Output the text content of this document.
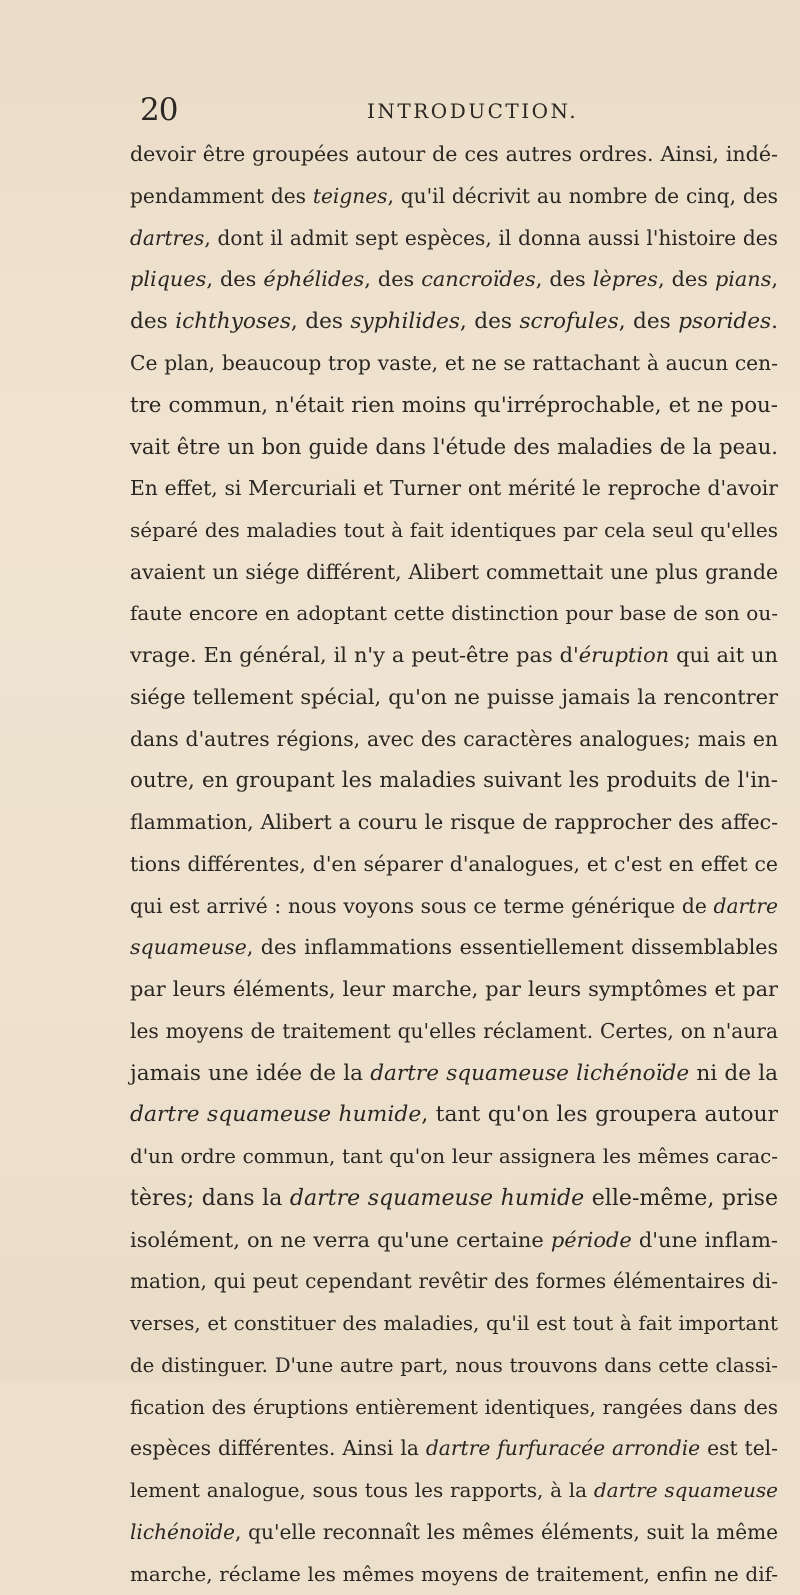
20	INTRODUCTION.
devoir être groupées autour de ces autres ordres. Ainsi, indé-
pendamment des teignes, qu'il décrivit au nombre de cinq, des
dartres, dont il admit sept espèces, il donna aussi l'histoire des
pliques, des éphélides, des cancroïdes, des lèpres, des pians,
des ichthyoses, des syphilides, des scrofules, des psorides.
Ce plan, beaucoup trop vaste, et ne se rattachant à aucun cen-
tre commun, n'était rien moins qu'irréprochable, et ne pou-
vait être un bon guide dans l'étude des maladies de la peau.
En effet, si Mercuriali et Turner ont mérité le reproche d'avoir
séparé des maladies tout à fait identiques par cela seul qu'elles
avaient un siége différent, Alibert commettait une plus grande
faute encore en adoptant cette distinction pour base de son ou-
vrage. En général, il n'y a peut-être pas d'éruption qui ait un
siége tellement spécial, qu'on ne puisse jamais la rencontrer
dans d'autres régions, avec des caractères analogues; mais en
outre, en groupant les maladies suivant les produits de l'in-
flammation, Alibert a couru le risque de rapprocher des affec-
tions différentes, d'en séparer d'analogues, et c'est en effet ce
qui est arrivé : nous voyons sous ce terme générique de dartre
squameuse, des inflammations essentiellement dissemblables
par leurs éléments, leur marche, par leurs symptômes et par
les moyens de traitement qu'elles réclament. Certes, on n'aura
jamais une idée de la dartre squameuse lichénoïde ni de la
dartre squameuse humide, tant qu'on les groupera autour
d'un ordre commun, tant qu'on leur assignera les mêmes carac-
tères; dans la dartre squameuse humide elle-même, prise
isolément, on ne verra qu'une certaine période d'une inflam-
mation, qui peut cependant revêtir des formes élémentaires di-
verses, et constituer des maladies, qu'il est tout à fait important
de distinguer. D'une autre part, nous trouvons dans cette classi-
fication des éruptions entièrement identiques, rangées dans des
espèces différentes. Ainsi la dartre furfuracée arrondie est tel-
lement analogue, sous tous les rapports, à la dartre squameuse
lichénoïde, qu'elle reconnaît les mêmes éléments, suit la même
marche, réclame les mêmes moyens de traitement, enfin ne dif-
